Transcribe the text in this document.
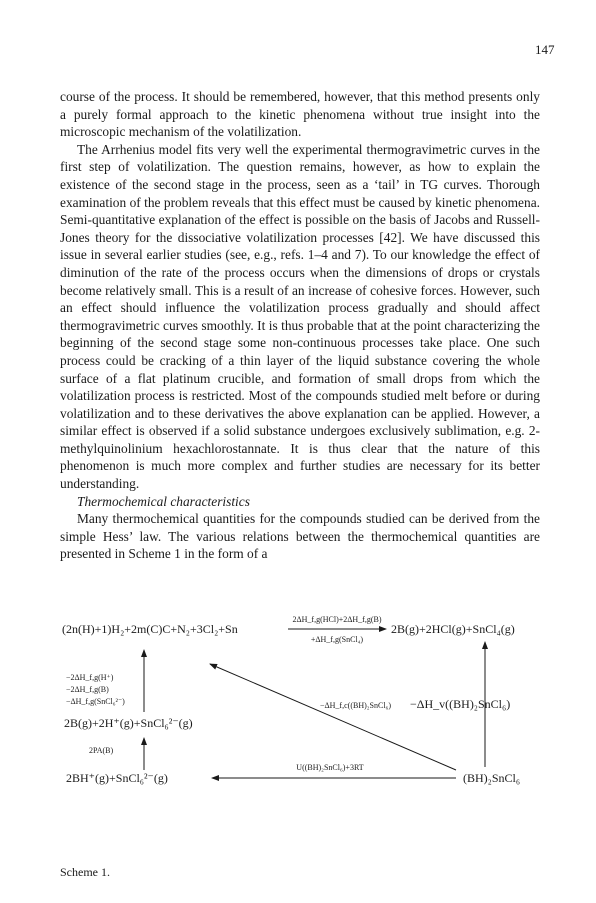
147

course of the process. It should be remembered, however, that this method presents only a purely formal approach to the kinetic phenomena without true insight into the microscopic mechanism of the volatilization.

The Arrhenius model fits very well the experimental thermogravimetric curves in the first step of volatilization. The question remains, however, as how to explain the existence of the second stage in the process, seen as a ‘tail’ in TG curves. Thorough examination of the problem reveals that this effect must be caused by kinetic phenomena. Semi-quantitative explanation of the effect is possible on the basis of Jacobs and Russell-Jones theory for the dissociative volatilization processes [42]. We have discussed this issue in several earlier studies (see, e.g., refs. 1–4 and 7). To our knowledge the effect of diminution of the rate of the process occurs when the dimensions of drops or crystals become relatively small. This is a result of an increase of cohesive forces. However, such an effect should influence the volatilization process gradually and should affect thermogravimetric curves smoothly. It is thus probable that at the point characterizing the beginning of the second stage some non-continuous processes take place. One such process could be cracking of a thin layer of the liquid substance covering the whole surface of a flat platinum crucible, and formation of small drops from which the volatilization process is restricted. Most of the compounds studied melt before or during volatilization and to these derivatives the above explanation can be applied. However, a similar effect is observed if a solid substance undergoes exclusively sublimation, e.g. 2-methylquinolinium hexachlorostannate. It is thus clear that the nature of this phenomenon is much more complex and further studies are necessary for its better understanding.

Thermochemical characteristics

Many thermochemical quantities for the compounds studied can be derived from the simple Hess’ law. The various relations between the thermochemical quantities are presented in Scheme 1 in the form of a

(2n(H)+1)H₂+2m(C)C+N₂+3Cl₂+Sn
2ΔH_f,g(HCl)+2ΔH_f,g(B)
+ΔH_f,g(SnCl₄)
2B(g)+2HCl(g)+SnCl₄(g)
−2ΔH_f,g(H⁺)
−2ΔH_f,g(B)
−ΔH_f,g(SnCl₆²⁻)
2B(g)+2H⁺(g)+SnCl₆²⁻(g)
2PA(B)
2BH⁺(g)+SnCl₆²⁻(g)
U((BH)₂SnCl₆)+3RT
(BH)₂SnCl₆
−ΔH_f,c((BH)₂SnCl₆) −ΔH_v((BH)₂SnCl₆)
Scheme 1.
